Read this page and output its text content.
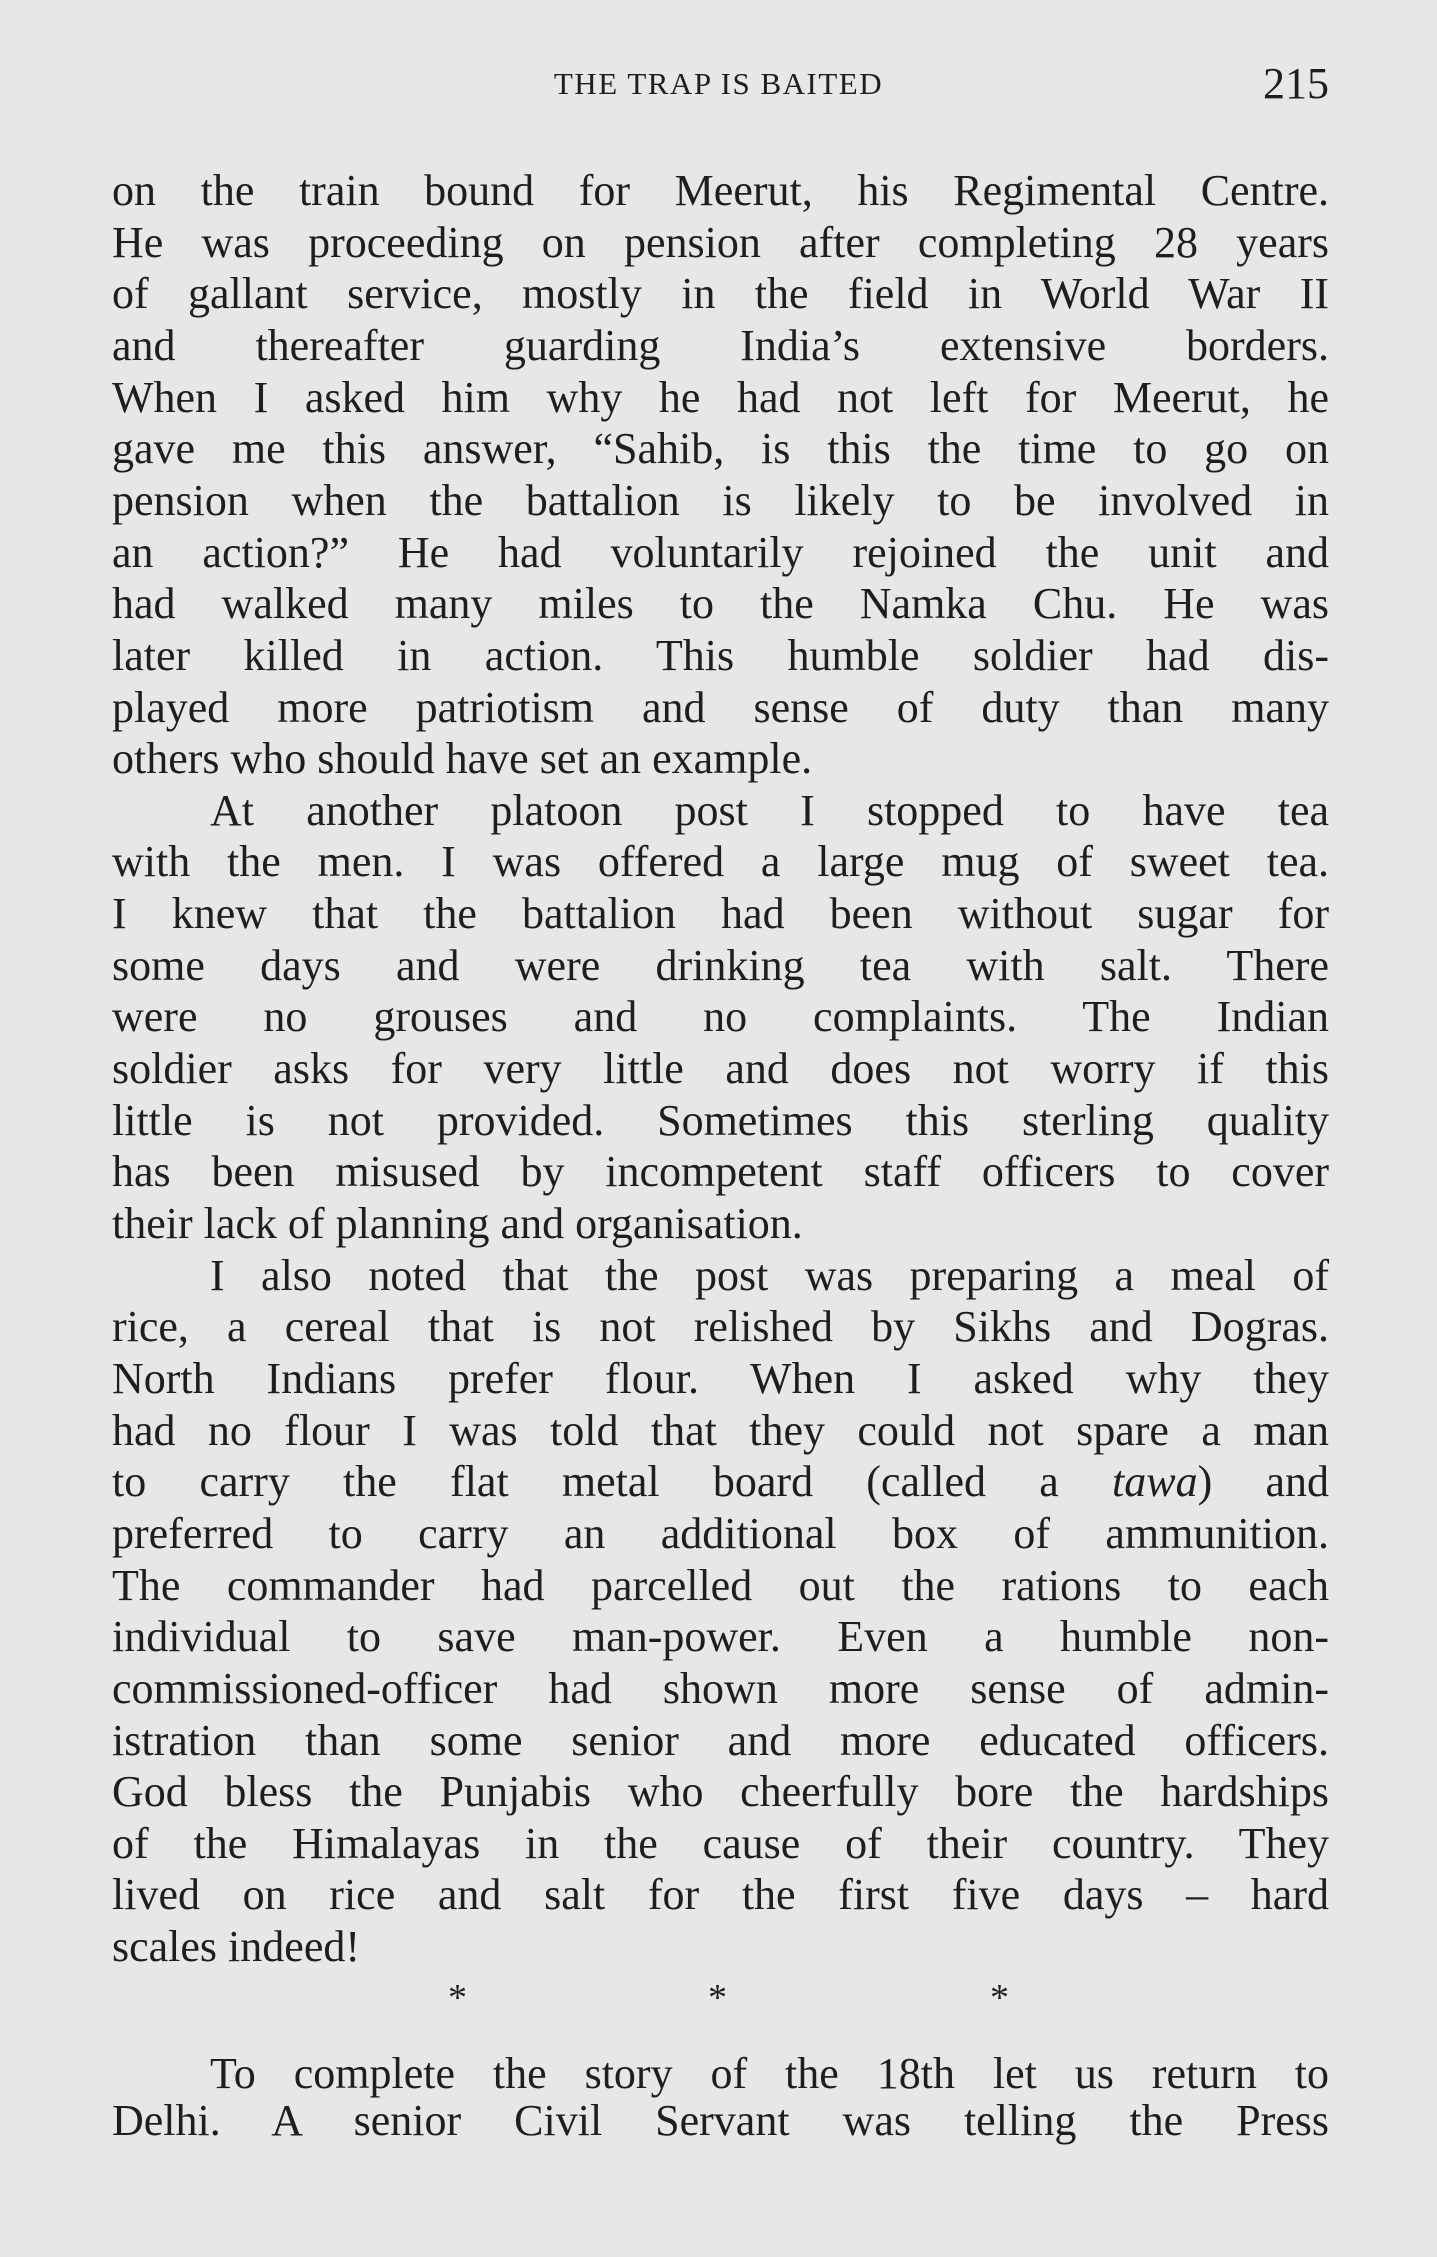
THE TRAP IS BAITED	215
on the train bound for Meerut, his Regimental Centre.
He was proceeding on pension after completing 28 years
of gallant service, mostly in the field in World War II
and thereafter guarding India’s extensive borders.
When I asked him why he had not left for Meerut, he
gave me this answer, “Sahib, is this the time to go on
pension when the battalion is likely to be involved in
an action?” He had voluntarily rejoined the unit and
had walked many miles to the Namka Chu. He was
later killed in action. This humble soldier had dis-
played more patriotism and sense of duty than many
others who should have set an example.
At another platoon post I stopped to have tea
with the men. I was offered a large mug of sweet tea.
I knew that the battalion had been without sugar for
some days and were drinking tea with salt. There
were no grouses and no complaints. The Indian
soldier asks for very little and does not worry if this
little is not provided. Sometimes this sterling quality
has been misused by incompetent staff officers to cover
their lack of planning and organisation.
I also noted that the post was preparing a meal of
rice, a cereal that is not relished by Sikhs and Dogras.
North Indians prefer flour. When I asked why they
had no flour I was told that they could not spare a man
to carry the flat metal board (called a tawa) and
preferred to carry an additional box of ammunition.
The commander had parcelled out the rations to each
individual to save man-power. Even a humble non-
commissioned-officer had shown more sense of admin-
istration than some senior and more educated officers.
God bless the Punjabis who cheerfully bore the hardships
of the Himalayas in the cause of their country. They
lived on rice and salt for the first five days – hard
scales indeed!
To complete the story of the 18th let us return to
Delhi. A senior Civil Servant was telling the Press
*	*	*
